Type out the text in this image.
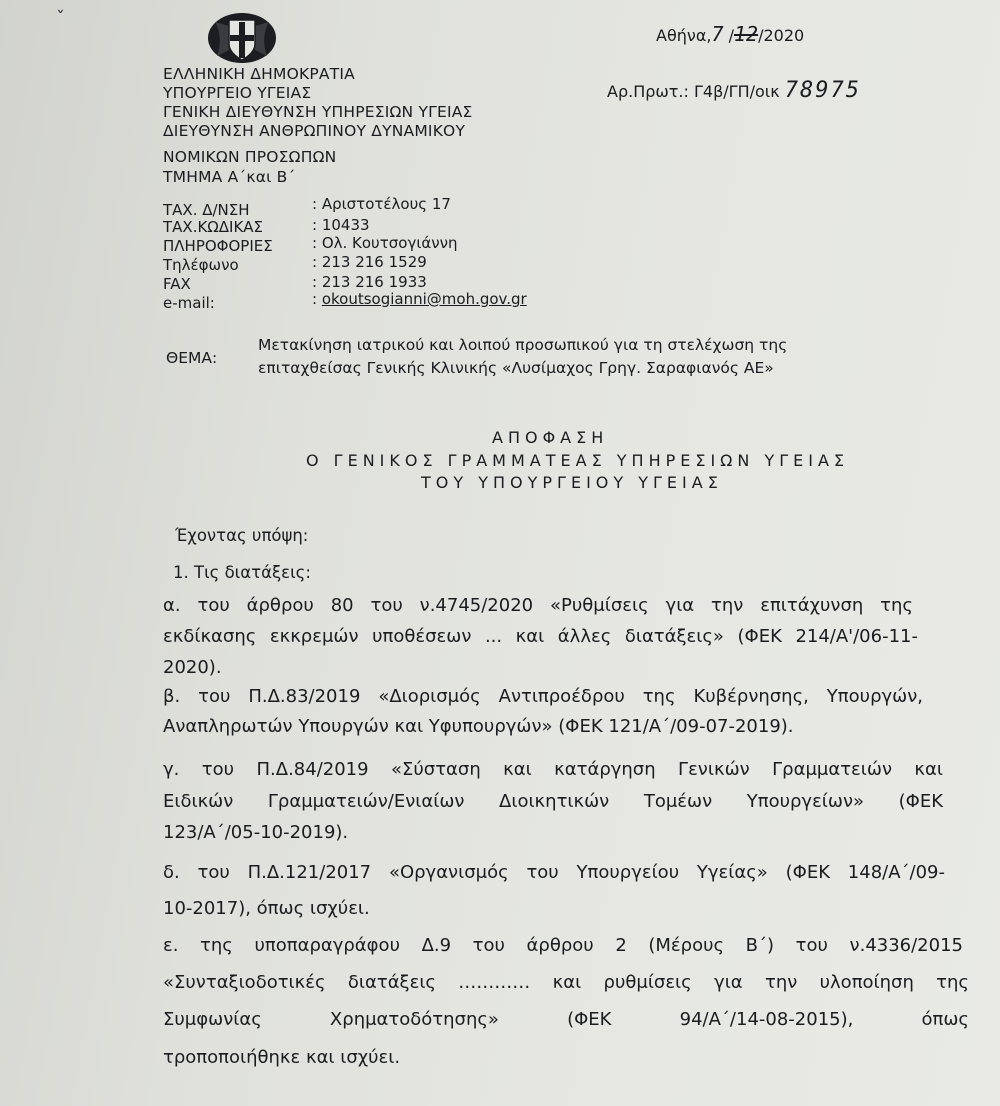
ˇ
ΕΛΛΗΝΙΚΗ ΔΗΜΟΚΡΑΤΙΑ
ΥΠΟΥΡΓΕΙΟ ΥΓΕΙΑΣ
ΓΕΝΙΚΗ ΔΙΕΥΘΥΝΣΗ ΥΠΗΡΕΣΙΩΝ ΥΓΕΙΑΣ
ΔΙΕΥΘΥΝΣΗ ΑΝΘΡΩΠΙΝΟΥ ΔΥΝΑΜΙΚΟΥ
ΝΟΜΙΚΩΝ ΠΡΟΣΩΠΩΝ
ΤΜΗΜΑ Α΄και Β΄
Αθήνα,7 /12/2020
Αρ.Πρωτ.: Γ4β/ΓΠ/οικ 78975
ΤΑΧ. Δ/ΝΣΗ	: Αριστοτέλους 17
ΤΑΧ.ΚΩΔΙΚΑΣ	: 10433
ΠΛΗΡΟΦΟΡΙΕΣ	: Ολ. Κουτσογιάννη
Τηλέφωνο	: 213 216 1529
FAX	: 213 216 1933
e-mail:	: okoutsogianni@moh.gov.gr
ΘΕΜΑ:
Μετακίνηση ιατρικού και λοιπού προσωπικού για τη στελέχωση της
επιταχθείσας Γενικής Κλινικής «Λυσίμαχος Γρηγ. Σαραφιανός ΑΕ»
ΑΠΟΦΑΣΗ
Ο ΓΕΝΙΚΟΣ ΓΡΑΜΜΑΤΕΑΣ ΥΠΗΡΕΣΙΩΝ ΥΓΕΙΑΣ
ΤΟΥ ΥΠΟΥΡΓΕΙΟΥ ΥΓΕΙΑΣ
Έχοντας υπόψη:
1. Τις διατάξεις:
α. του άρθρου 80 του ν.4745/2020 «Ρυθμίσεις για την επιτάχυνση της
εκδίκασης εκκρεμών υποθέσεων ... και άλλες διατάξεις» (ΦΕΚ 214/Α'/06-11-
2020).
β. του Π.Δ.83/2019 «Διορισμός Αντιπροέδρου της Κυβέρνησης, Υπουργών,
Αναπληρωτών Υπουργών και Υφυπουργών» (ΦΕΚ 121/Α΄/09-07-2019).
γ. του Π.Δ.84/2019 «Σύσταση και κατάργηση Γενικών Γραμματειών και
Ειδικών Γραμματειών/Ενιαίων Διοικητικών Τομέων Υπουργείων» (ΦΕΚ
123/Α΄/05-10-2019).
δ. του Π.Δ.121/2017 «Οργανισμός του Υπουργείου Υγείας» (ΦΕΚ 148/Α΄/09-
10-2017), όπως ισχύει.
ε. της υποπαραγράφου Δ.9 του άρθρου 2 (Μέρους Β΄) του ν.4336/2015
«Συνταξιοδοτικές διατάξεις ………… και ρυθμίσεις για την υλοποίηση της
Συμφωνίας Χρηματοδότησης» (ΦΕΚ 94/Α΄/14-08-2015), όπως
τροποποιήθηκε και ισχύει.
